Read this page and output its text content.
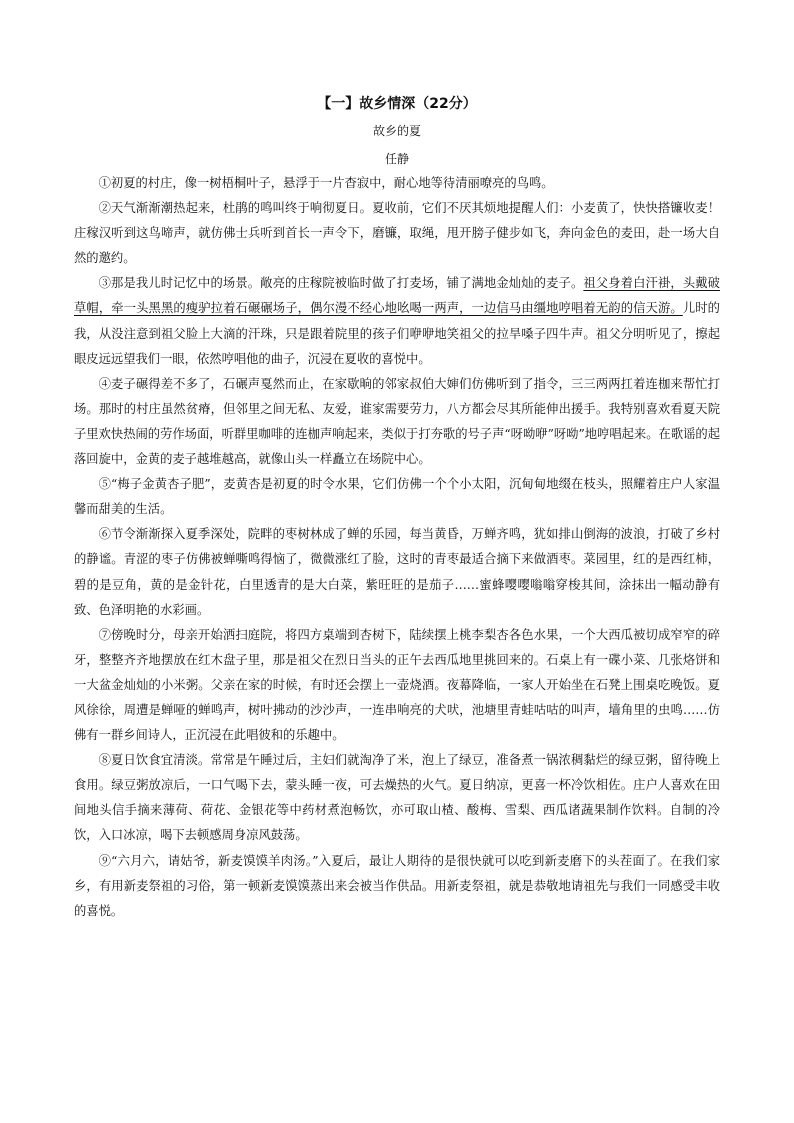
【一】故乡情深（22分）
故乡的夏
任静

①初夏的村庄，像一树梧桐叶子，悬浮于一片杳寂中，耐心地等待清丽嘹亮的鸟鸣。

②天气渐渐潮热起来，杜鹃的鸣叫终于响彻夏日。夏收前，它们不厌其烦地提醒人们：小麦黄了，快快搭镰收麦！庄稼汉听到这鸟啼声，就仿佛士兵听到首长一声令下，磨镰，取绳，甩开膀子健步如飞，奔向金色的麦田，赴一场大自然的邀约。

③那是我儿时记忆中的场景。敞亮的庄稼院被临时做了打麦场，铺了满地金灿灿的麦子。祖父身着白汗褂，头戴破草帽，牵一头黑黑的瘦驴拉着石碾碾场子，偶尔漫不经心地吆喝一两声，一边信马由缰地哼唱着无韵的信天游。儿时的我，从没注意到祖父脸上大滴的汗珠，只是跟着院里的孩子们咿咿地笑祖父的拉旱嗓子四牛声。祖父分明听见了，擦起眼皮远远望我们一眼，依然哼唱他的曲子，沉浸在夏收的喜悦中。

④麦子碾得差不多了，石碾声戛然而止，在家歇晌的邻家叔伯大婶们仿佛听到了指令，三三两两扛着连枷来帮忙打场。那时的村庄虽然贫瘠，但邻里之间无私、友爱，谁家需要劳力，八方都会尽其所能伸出援手。我特别喜欢看夏天院子里欢快热闹的劳作场面，听群里咖啡的连枷声响起来，类似于打夯歌的号子声“呀呦咿”呀呦”地哼唱起来。在歌谣的起落回旋中，金黄的麦子越堆越高，就像山头一样矗立在场院中心。

⑤“梅子金黄杏子肥”，麦黄杏是初夏的时令水果，它们仿佛一个个小太阳，沉甸甸地缀在枝头，照耀着庄户人家温馨而甜美的生活。

⑥节令渐渐探入夏季深处，院畔的枣树林成了蝉的乐园，每当黄昏，万蝉齐鸣，犹如排山倒海的波浪，打破了乡村的静谧。青涩的枣子仿佛被蝉嘶鸣得恼了，微微涨红了脸，这时的青枣最适合摘下来做酒枣。菜园里，红的是西红柿，碧的是豆角，黄的是金针花，白里透青的是大白菜，紫旺旺的是茄子……蜜蜂嘤嘤嗡嗡穿梭其间，涂抹出一幅动静有致、色泽明艳的水彩画。

⑦傍晚时分，母亲开始洒扫庭院，将四方桌端到杏树下，陆续摆上桃李梨杏各色水果，一个大西瓜被切成窄窄的碎牙，整整齐齐地摆放在红木盘子里，那是祖父在烈日当头的正午去西瓜地里挑回来的。石桌上有一碟小菜、几张烙饼和一大盆金灿灿的小米粥。父亲在家的时候，有时还会摆上一壶烧酒。夜幕降临，一家人开始坐在石凳上围桌吃晚饭。夏风徐徐，周遭是蝉哑的蝉鸣声，树叶拂动的沙沙声，一连串响亮的犬吠，池塘里青蛙咕咕的叫声，墙角里的虫鸣……仿佛有一群乡间诗人，正沉浸在此唱彼和的乐趣中。

⑧夏日饮食宜清淡。常常是午睡过后，主妇们就淘净了米，泡上了绿豆，准备煮一锅浓稠黏烂的绿豆粥，留待晚上食用。绿豆粥放凉后，一口气喝下去，蒙头睡一夜，可去燥热的火气。夏日纳凉，更喜一杯冷饮相佐。庄户人喜欢在田间地头信手摘来薄荷、荷花、金银花等中药材煮泡畅饮，亦可取山楂、酸梅、雪梨、西瓜诸蔬果制作饮料。自制的冷饮，入口冰凉，喝下去顿感周身凉风鼓荡。

⑨“六月六，请姑爷，新麦馍馍羊肉汤。”入夏后，最让人期待的是很快就可以吃到新麦磨下的头茬面了。在我们家乡，有用新麦祭祖的习俗，第一顿新麦馍馍蒸出来会被当作供品。用新麦祭祖，就是恭敬地请祖先与我们一同感受丰收的喜悦。
